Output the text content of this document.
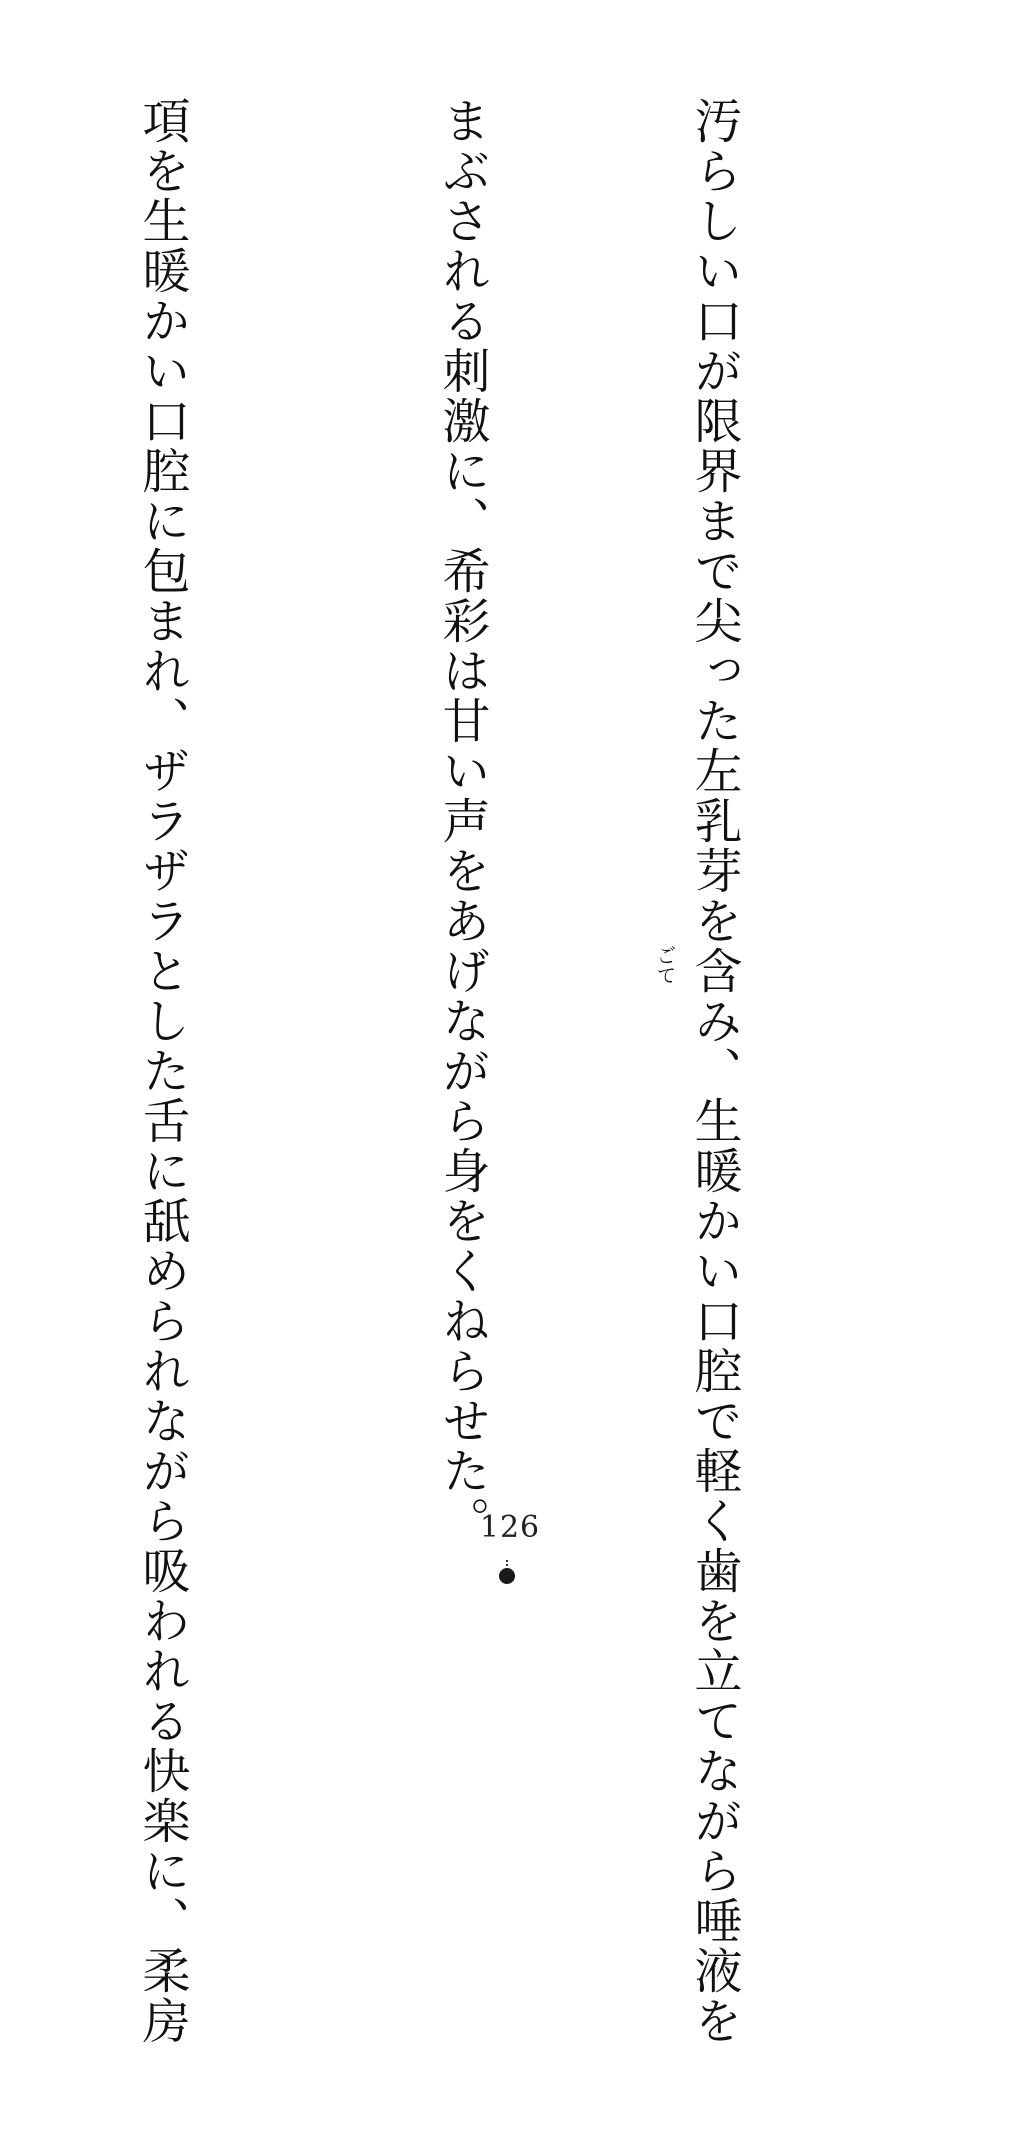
汚らしい口が限界まで尖った左乳芽を含み、生暖かい口腔で軽く歯を立てながら唾液を

まぶされる刺激に、希彩は甘い声をあげながら身をくねらせた。

項を生暖かい口腔に包まれ、ザラザラとした舌に舐められながら吸われる快楽に、柔房

	ごて
126
